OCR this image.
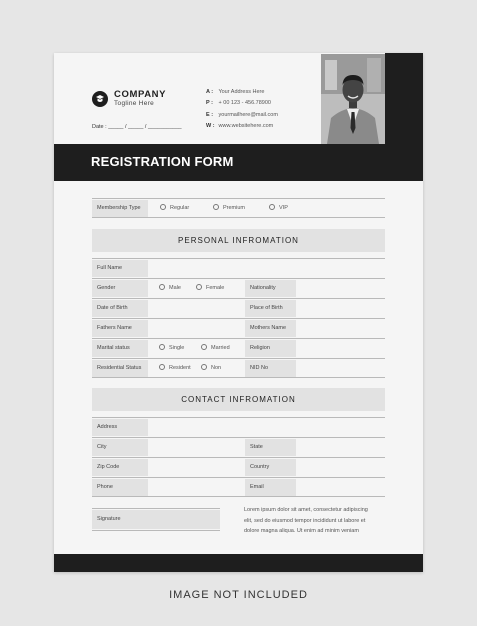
COMPANY
Togline Here
Date : _____ / _____ / ___________
A : Your Address Here
P : + 00 123 - 456.78900
E : yourmailhere@mail.com
W : www.websitehere.com
REGISTRATION FORM
Membership Type	Regular	Premium	VIP
PERSONAL INFROMATION
Full Name
Gender	Male	Female	Nationality
Date of Birth	Place of Birth
Fathers Name	Mothers Name
Marital status	Single	Married	Religion
Residential Status	Resident	Non	NID No
CONTACT INFROMATION
Address
City	State
Zip Code	Country
Phone	Email
Signature
Lorem ipsum dolor sit amet, consectetur adipiscing
elit, sed do eiusmod tempor incididunt ut labore et
dolore magna aliqua. Ut enim ad minim veniam
IMAGE NOT INCLUDED
